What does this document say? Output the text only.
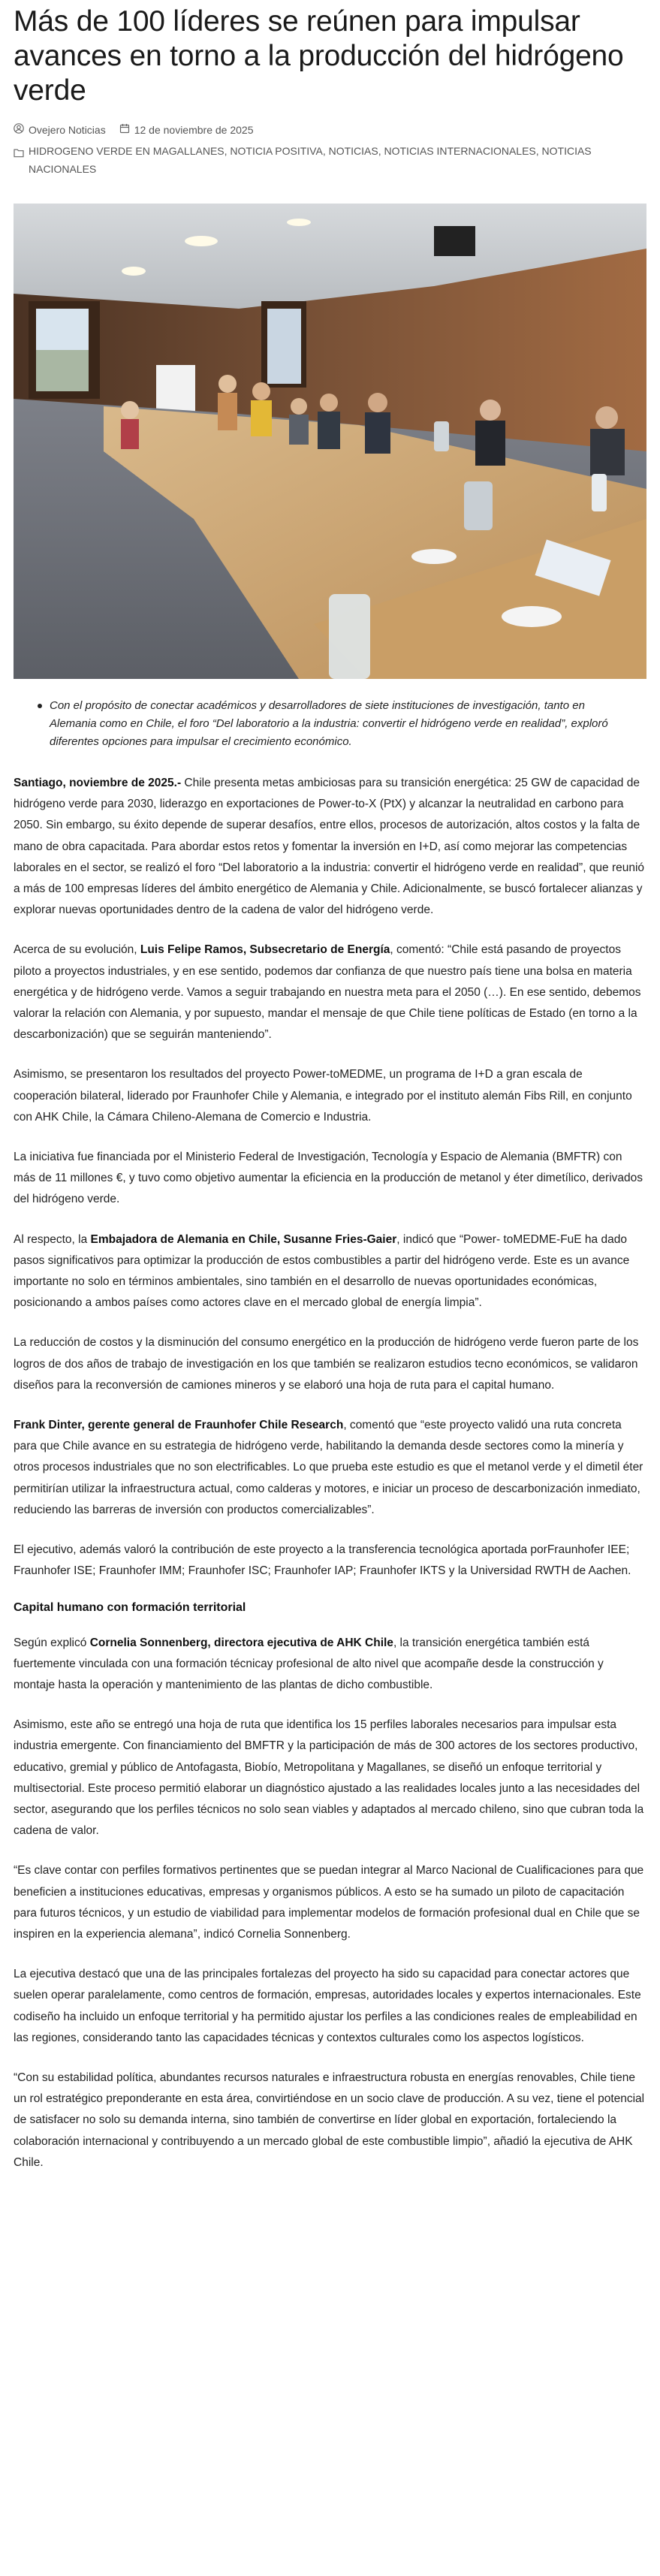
Más de 100 líderes se reúnen para impulsar avances en torno a la producción del hidrógeno verde
Ovejero Noticias	12 de noviembre de 2025
HIDROGENO VERDE EN MAGALLANES, NOTICIA POSITIVA, NOTICIAS, NOTICIAS INTERNACIONALES, NOTICIAS NACIONALES
Con el propósito de conectar académicos y desarrolladores de siete instituciones de investigación, tanto en Alemania como en Chile, el foro “Del laboratorio a la industria: convertir el hidrógeno verde en realidad”, exploró diferentes opciones para impulsar el crecimiento económico.

Santiago, noviembre de 2025.- Chile presenta metas ambiciosas para su transición energética: 25 GW de capacidad de hidrógeno verde para 2030, liderazgo en exportaciones de Power-to-X (PtX) y alcanzar la neutralidad en carbono para 2050. Sin embargo, su éxito depende de superar desafíos, entre ellos, procesos de autorización, altos costos y la falta de mano de obra capacitada. Para abordar estos retos y fomentar la inversión en I+D, así como mejorar las competencias laborales en el sector, se realizó el foro “Del laboratorio a la industria: convertir el hidrógeno verde en realidad”, que reunió a más de 100 empresas líderes del ámbito energético de Alemania y Chile. Adicionalmente, se buscó fortalecer alianzas y explorar nuevas oportunidades dentro de la cadena de valor del hidrógeno verde.

Acerca de su evolución, Luis Felipe Ramos, Subsecretario de Energía, comentó: “Chile está pasando de proyectos piloto a proyectos industriales, y en ese sentido, podemos dar confianza de que nuestro país tiene una bolsa en materia energética y de hidrógeno verde. Vamos a seguir trabajando en nuestra meta para el 2050 (…). En ese sentido, debemos valorar la relación con Alemania, y por supuesto, mandar el mensaje de que Chile tiene políticas de Estado (en torno a la descarbonización) que se seguirán manteniendo”.

Asimismo, se presentaron los resultados del proyecto Power-toMEDME, un programa de I+D a gran escala de cooperación bilateral, liderado por Fraunhofer Chile y Alemania, e integrado por el instituto alemán Fibs Rill, en conjunto con AHK Chile, la Cámara Chileno-Alemana de Comercio e Industria.

La iniciativa fue financiada por el Ministerio Federal de Investigación, Tecnología y Espacio de Alemania (BMFTR) con más de 11 millones €, y tuvo como objetivo aumentar la eficiencia en la producción de metanol y éter dimetílico, derivados del hidrógeno verde.

Al respecto, la Embajadora de Alemania en Chile, Susanne Fries-Gaier, indicó que “Power- toMEDME-FuE ha dado pasos significativos para optimizar la producción de estos combustibles a partir del hidrógeno verde. Este es un avance importante no solo en términos ambientales, sino también en el desarrollo de nuevas oportunidades económicas, posicionando a ambos países como actores clave en el mercado global de energía limpia”.

La reducción de costos y la disminución del consumo energético en la producción de hidrógeno verde fueron parte de los logros de dos años de trabajo de investigación en los que también se realizaron estudios tecno económicos, se validaron diseños para la reconversión de camiones mineros y se elaboró una hoja de ruta para el capital humano.

Frank Dinter, gerente general de Fraunhofer Chile Research, comentó que “este proyecto validó una ruta concreta para que Chile avance en su estrategia de hidrógeno verde, habilitando la demanda desde sectores como la minería y otros procesos industriales que no son electrificables. Lo que prueba este estudio es que el metanol verde y el dimetil éter permitirían utilizar la infraestructura actual, como calderas y motores, e iniciar un proceso de descarbonización inmediato, reduciendo las barreras de inversión con productos comercializables”.

El ejecutivo, además valoró la contribución de este proyecto a la transferencia tecnológica aportada porFraunhofer IEE; Fraunhofer ISE; Fraunhofer IMM; Fraunhofer ISC; Fraunhofer IAP; Fraunhofer IKTS y la Universidad RWTH de Aachen.

Capital humano con formación territorial

Según explicó Cornelia Sonnenberg, directora ejecutiva de AHK Chile, la transición energética también está fuertemente vinculada con una formación técnicay profesional de alto nivel que acompañe desde la construcción y montaje hasta la operación y mantenimiento de las plantas de dicho combustible.

Asimismo, este año se entregó una hoja de ruta que identifica los 15 perfiles laborales necesarios para impulsar esta industria emergente. Con financiamiento del BMFTR y la participación de más de 300 actores de los sectores productivo, educativo, gremial y público de Antofagasta, Biobío, Metropolitana y Magallanes, se diseñó un enfoque territorial y multisectorial. Este proceso permitió elaborar un diagnóstico ajustado a las realidades locales junto a las necesidades del sector, asegurando que los perfiles técnicos no solo sean viables y adaptados al mercado chileno, sino que cubran toda la cadena de valor.

“Es clave contar con perfiles formativos pertinentes que se puedan integrar al Marco Nacional de Cualificaciones para que beneficien a instituciones educativas, empresas y organismos públicos. A esto se ha sumado un piloto de capacitación para futuros técnicos, y un estudio de viabilidad para implementar modelos de formación profesional dual en Chile que se inspiren en la experiencia alemana”, indicó Cornelia Sonnenberg.

La ejecutiva destacó que una de las principales fortalezas del proyecto ha sido su capacidad para conectar actores que suelen operar paralelamente, como centros de formación, empresas, autoridades locales y expertos internacionales. Este codiseño ha incluido un enfoque territorial y ha permitido ajustar los perfiles a las condiciones reales de empleabilidad en las regiones, considerando tanto las capacidades técnicas y contextos culturales como los aspectos logísticos.

“Con su estabilidad política, abundantes recursos naturales e infraestructura robusta en energías renovables, Chile tiene un rol estratégico preponderante en esta área, convirtiéndose en un socio clave de producción. A su vez, tiene el potencial de satisfacer no solo su demanda interna, sino también de convertirse en líder global en exportación, fortaleciendo la colaboración internacional y contribuyendo a un mercado global de este combustible limpio”, añadió la ejecutiva de AHK Chile.
